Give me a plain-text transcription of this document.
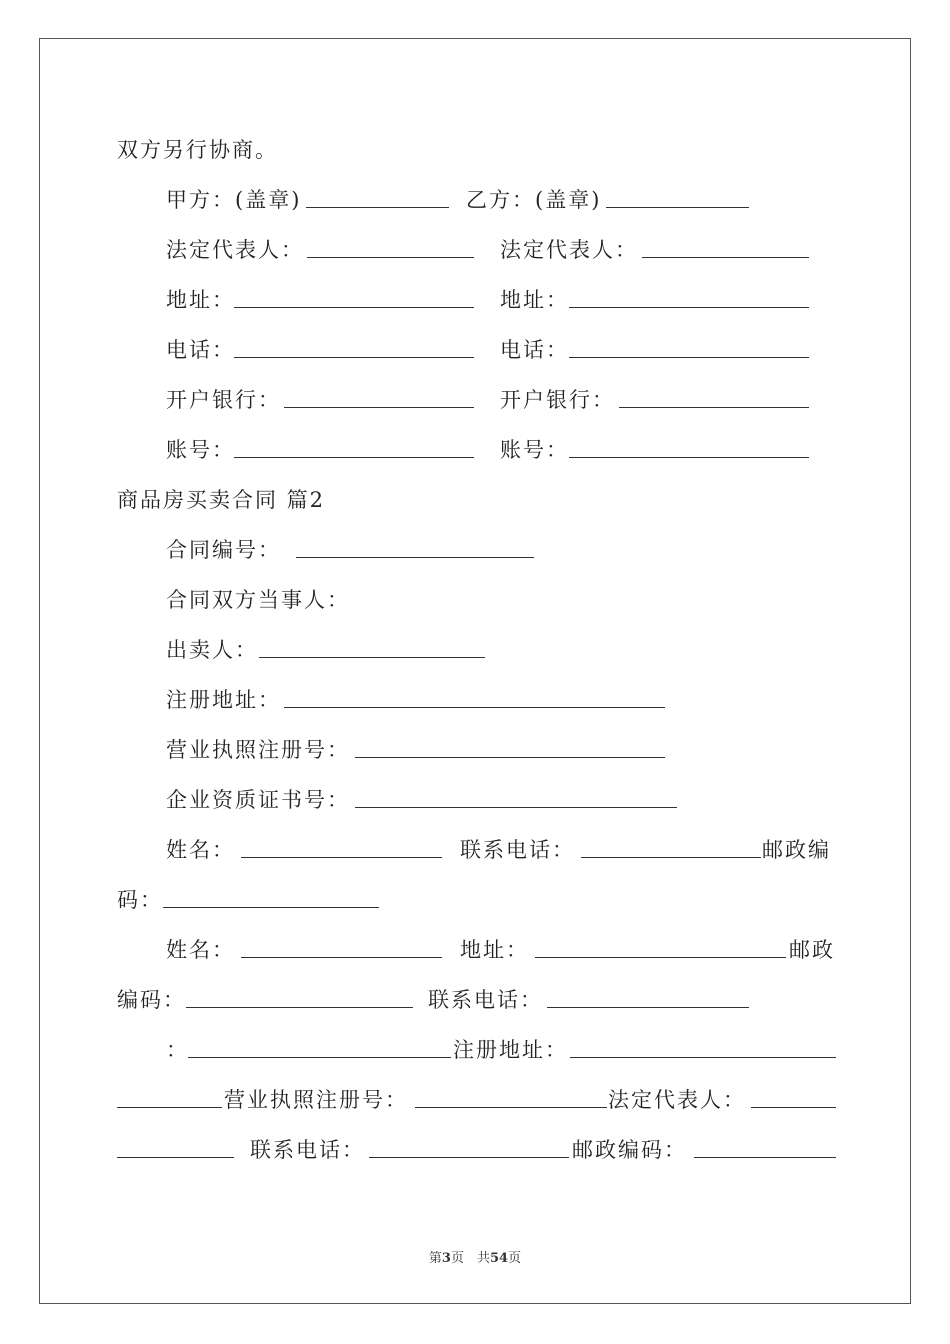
双方另行协商。
甲方：(盖章)	乙方：(盖章)
法定代表人：	法定代表人：
地址：	地址：
电话：	电话：
开户银行：	开户银行：
账号：	账号：
商品房买卖合同 篇2
合同编号：
合同双方当事人：
出卖人：
注册地址：
营业执照注册号：
企业资质证书号：
姓名：	联系电话：	邮政编
码：
姓名：	地址：	邮政
编码：	联系电话：
：	注册地址：
营业执照注册号：	法定代表人：
联系电话：	邮政编码：
第3页　共54页
